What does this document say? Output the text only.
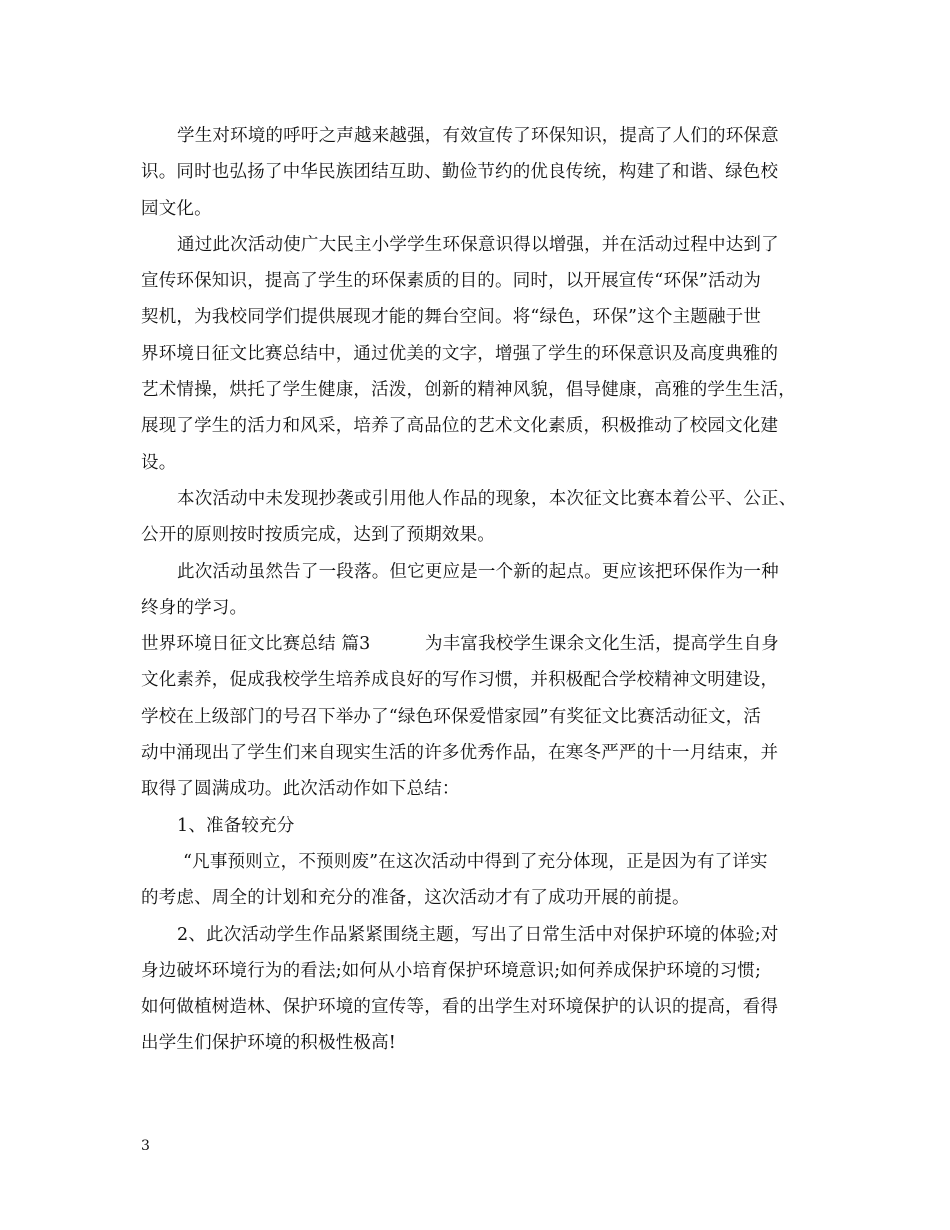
学生对环境的呼吁之声越来越强，有效宣传了环保知识，提高了人们的环保意
识。同时也弘扬了中华民族团结互助、勤俭节约的优良传统，构建了和谐、绿色校
园文化。
通过此次活动使广大民主小学学生环保意识得以增强，并在活动过程中达到了
宣传环保知识，提高了学生的环保素质的目的。同时，以开展宣传“环保”活动为
契机，为我校同学们提供展现才能的舞台空间。将“绿色，环保”这个主题融于世
界环境日征文比赛总结中，通过优美的文字，增强了学生的环保意识及高度典雅的
艺术情操，烘托了学生健康，活泼，创新的精神风貌，倡导健康，高雅的学生生活，
展现了学生的活力和风采，培养了高品位的艺术文化素质，积极推动了校园文化建
设。
本次活动中未发现抄袭或引用他人作品的现象，本次征文比赛本着公平、公正、
公开的原则按时按质完成，达到了预期效果。
此次活动虽然告了一段落。但它更应是一个新的起点。更应该把环保作为一种
终身的学习。
世界环境日征文比赛总结 篇3	为丰富我校学生课余文化生活，提高学生自身
文化素养，促成我校学生培养成良好的写作习惯，并积极配合学校精神文明建设，
学校在上级部门的号召下举办了“绿色环保爱惜家园”有奖征文比赛活动征文，活
动中涌现出了学生们来自现实生活的许多优秀作品，在寒冬严严的十一月结束，并
取得了圆满成功。此次活动作如下总结：
1、准备较充分
“凡事预则立，不预则废”在这次活动中得到了充分体现，正是因为有了详实
的考虑、周全的计划和充分的准备，这次活动才有了成功开展的前提。
2、此次活动学生作品紧紧围绕主题，写出了日常生活中对保护环境的体验;对
身边破坏环境行为的看法;如何从小培育保护环境意识;如何养成保护环境的习惯;
如何做植树造林、保护环境的宣传等，看的出学生对环境保护的认识的提高，看得
出学生们保护环境的积极性极高!
3
